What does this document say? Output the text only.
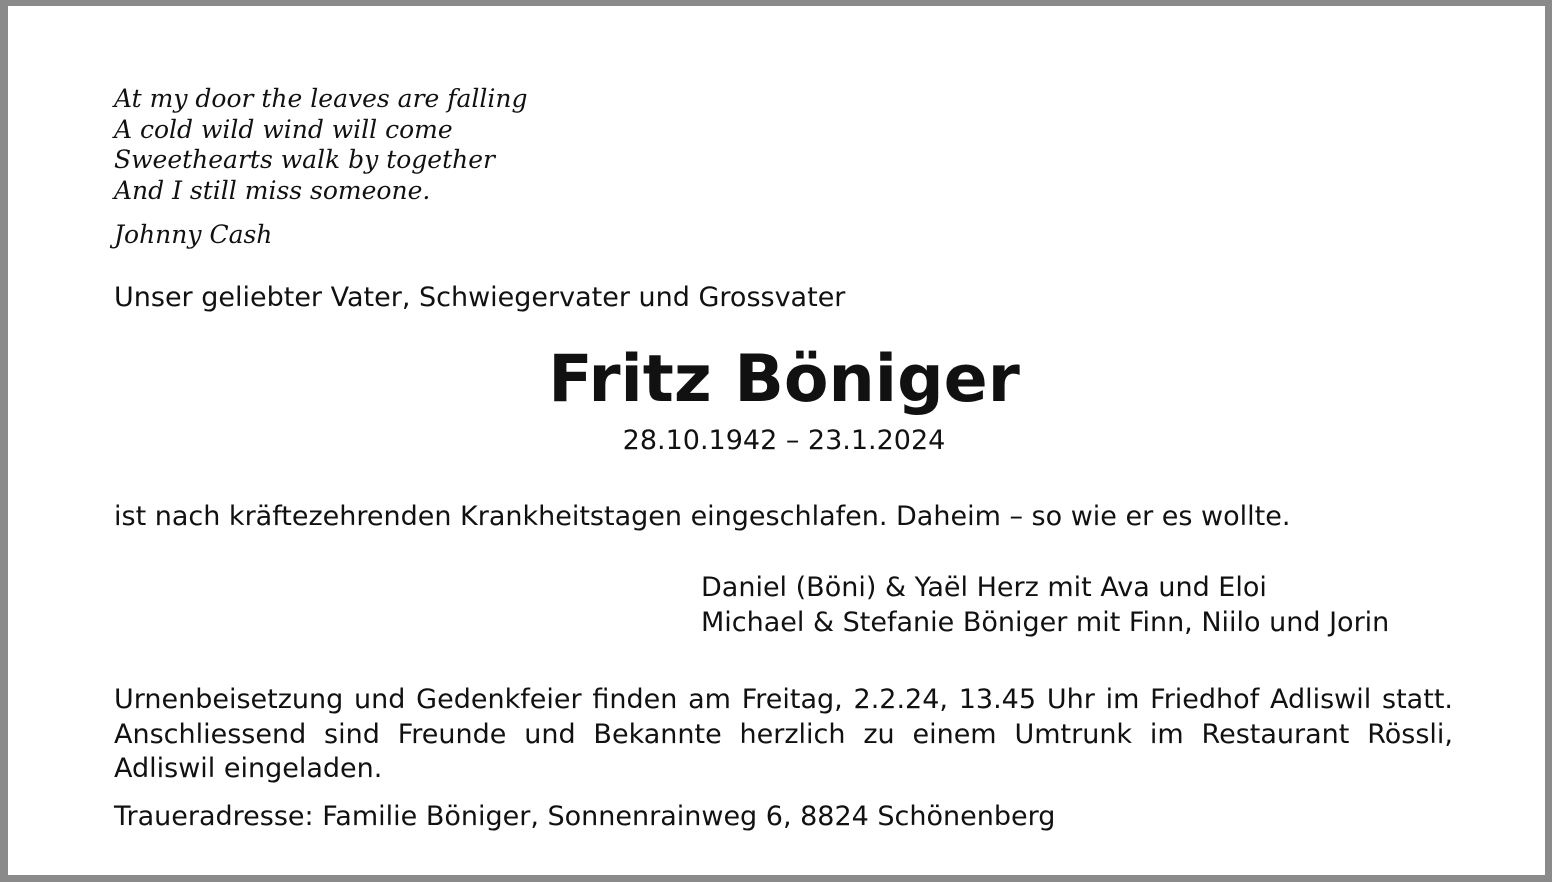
At my door the leaves are falling
A cold wild wind will come
Sweethearts walk by together
And I still miss someone.
Johnny Cash
Unser geliebter Vater, Schwiegervater und Grossvater
Fritz Böniger
28.10.1942 – 23.1.2024
ist nach kräftezehrenden Krankheitstagen eingeschlafen. Daheim – so wie er es wollte.
Daniel (Böni) & Yaël Herz mit Ava und Eloi
Michael & Stefanie Böniger mit Finn, Niilo und Jorin

Urnenbeisetzung und Gedenkfeier finden am Freitag, 2.2.24, 13.45 Uhr im Friedhof Adliswil statt. Anschliessend sind Freunde und Bekannte herzlich zu einem Umtrunk im Restaurant Rössli, Adliswil eingeladen.

Traueradresse: Familie Böniger, Sonnenrainweg 6, 8824 Schönenberg
